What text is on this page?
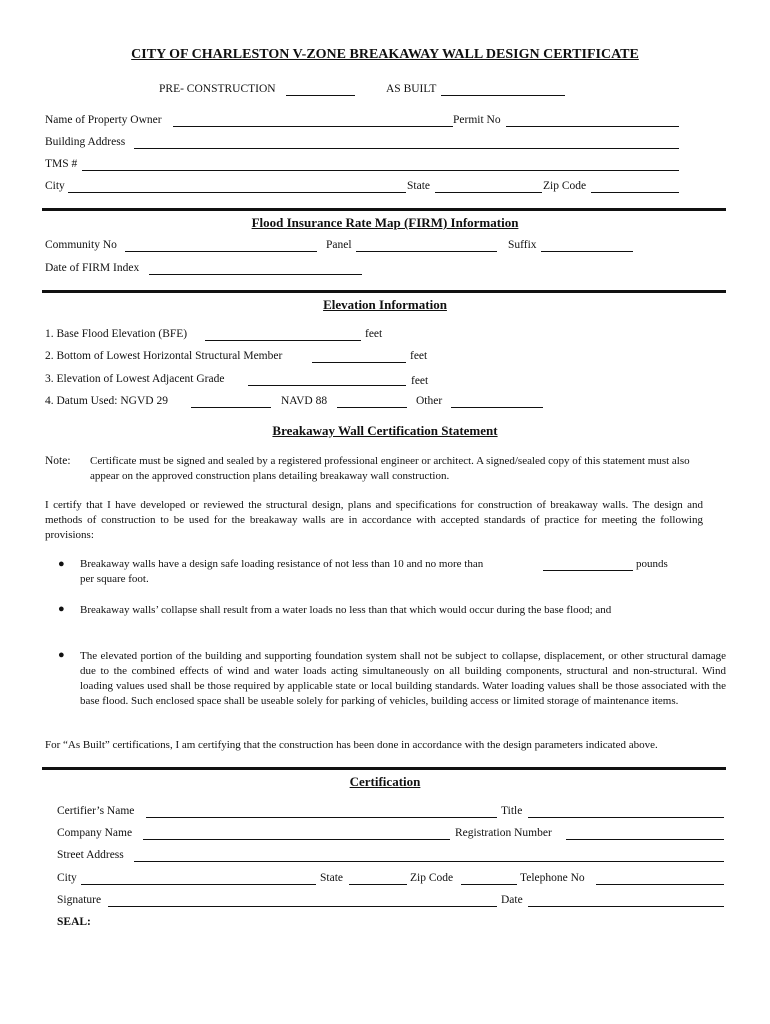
CITY OF CHARLESTON V-ZONE BREAKAWAY WALL DESIGN CERTIFICATE
PRE- CONSTRUCTION	AS BUILT
Name of Property Owner	Permit No
Building Address
TMS #
City	State	Zip Code
Flood Insurance Rate Map (FIRM) Information
Community No	Panel	Suffix
Date of FIRM Index
Elevation Information
1. Base Flood Elevation (BFE)	feet
2. Bottom of Lowest Horizontal Structural Member	feet
3. Elevation of Lowest Adjacent Grade	feet
4. Datum Used: NGVD 29	NAVD 88	Other
Breakaway Wall Certification Statement
Note: Certificate must be signed and sealed by a registered professional engineer or architect. A signed/sealed copy of this statement must also appear on the approved construction plans detailing breakaway wall construction.
I certify that I have developed or reviewed the structural design, plans and specifications for construction of breakaway walls. The design and methods of construction to be used for the breakaway walls are in accordance with accepted standards of practice for meeting the following provisions:
● Breakaway walls have a design safe loading resistance of not less than 10 and no more than	pounds
per square foot.
● Breakaway walls’ collapse shall result from a water loads no less than that which would occur during the base flood; and
● The elevated portion of the building and supporting foundation system shall not be subject to collapse, displacement, or other structural damage due to the combined effects of wind and water loads acting simultaneously on all building components, structural and non-structural. Wind loading values used shall be those required by applicable state or local building standards. Water loading values shall be those associated with the base flood. Such enclosed space shall be useable solely for parking of vehicles, building access or limited storage of maintenance items.
For “As Built” certifications, I am certifying that the construction has been done in accordance with the design parameters indicated above.
Certification
Certifier’s Name	Title
Company Name	Registration Number
Street Address
City	State	Zip Code	Telephone No
Signature	Date
SEAL:
